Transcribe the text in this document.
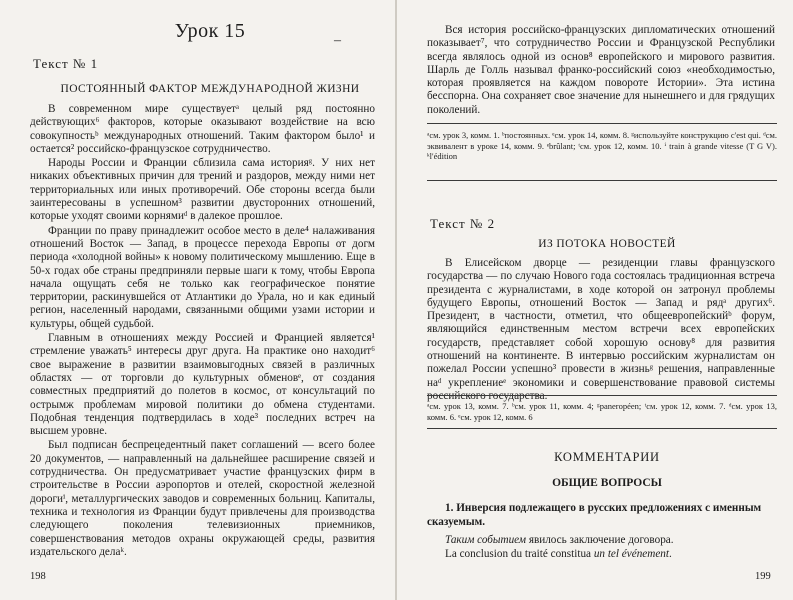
Урок 15	–
Текст № 1
ПОСТОЯННЫЙ ФАКТОР МЕЖДУНАРОДНОЙ ЖИЗНИ

В современном мире существуетᵃ целый ряд постоянно действующих⁶ факторов, которые оказывают воздействие на всю совокупностьᵇ международных отношений. Таким фактором было¹ и остается² российско-французское сотрудничество.

Народы России и Франции сблизила сама историяᵍ. У них нет никаких объективных причин для трений и раздоров, между ними нет территориальных или иных противоречий. Обе стороны всегда были заинтересованы в успешном³ развитии двусторонних отношений, которые уходят своими корнямиᵈ в далекое прошлое.

Франции по праву принадлежит особое место в деле⁴ налаживания отношений Восток — Запад, в процессе перехода Европы от догм периода «холодной войны» к новому политическому мышлению. Еще в 50-х годах обе страны предприняли первые шаги к тому, чтобы Европа начала ощущать себя не только как географическое понятие территории, раскинувшейся от Атлантики до Урала, но и как единый регион, населенный народами, связанными общими узами истории и культуры, общей судьбой.

Главным в отношениях между Россией и Францией является¹ стремление уважать⁵ интересы друг друга. На практике оно находит⁶ свое выражение в развитии взаимовыгодных связей в различных областях — от торговли до культурных обменовᵉ, от создания совместных предприятий до полетов в космос, от консультаций по острымж проблемам мировой политики до обмена студентами. Подобная тенденция подтвердилась в ходе³ последних встреч на высшем уровне.

Был подписан беспрецедентный пакет соглашений — всего более 20 документов, — направленный на дальнейшее расширение связей и сотрудничества. Он предусматривает участие французских фирм в строительстве в России аэропортов и отелей, скоростной железной дорогиⁱ, металлургических заводов и современных больниц. Капиталы, техника и технология из Франции будут привлечены для производства следующего поколения телевизионных приемников, совершенствования методов охраны окружающей среды, развития издательского делаᵏ.

198

Вся история российско-французских дипломатических отношений показывает⁷, что сотрудничество России и Французской Республики всегда являлось одной из основ⁸ европейского и мирового развития. Шарль де Голль называл франко-российский союз «необходимостью, которая проявляется на каждом повороте Истории». Эта истина бесспорна. Она сохраняет свое значение для нынешнего и для грядущих поколений.

ᵃсм. урок 3, комм. 1. ᵇпостоянных. ᵉсм. урок 14, комм. 8. ᵍиспользуйте конструкцию c'est qui. ᵈсм. эквивалент в уроке 14, комм. 9. ᵉbrûlant; ᵗсм. урок 12, комм. 10. ⁱ train à grande vitesse (T G V). ᵏl'édition
Текст № 2
ИЗ ПОТОКА НОВОСТЕЙ

В Елисейском дворце — резиденции главы французского государства — по случаю Нового года состоялась традиционная встреча президента с журналистами, в ходе которой он затронул проблемы будущего Европы, отношений Восток — Запад и рядᵃ других⁶. Президент, в частности, отметил, что общеевропейскийᵇ форум, являющийся единственным местом встречи всех европейских государств, представляет собой хорошую основу⁸ для развития отношений на континенте. В интервью российским журналистам он пожелал России успешно³ провести в жизньᵍ решения, направленные наᵈ укреплениеᵉ экономики и совершенствование правовой системы

ᵃсм. урок 13, комм. 7. ᵇсм. урок 11, комм. 4; ᵍpaneropéen; ᵗсм. урок 12, комм. 7. ᵈсм. урок 13, комм. 6. ᵉсм. урок 12, комм. 6
КОММЕНТАРИИ
ОБЩИЕ ВОПРОСЫ
1. Инверсия подлежащего в русских предложениях с именным сказуемым.
Таким событием явилось заключение договора.
La conclusion du traité constitua un tel événement.
199
